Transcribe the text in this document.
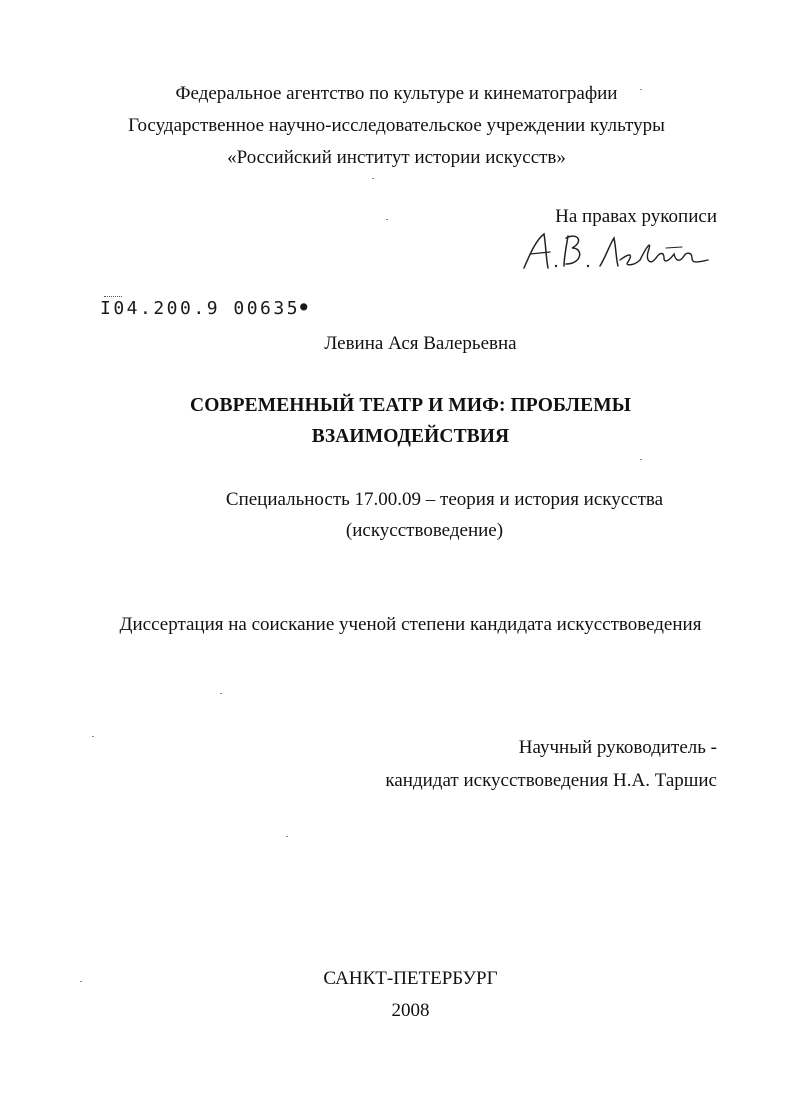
Федеральное агентство по культуре и кинематографии
Государственное научно-исследовательское учреждении культуры
«Российский институт истории искусств»
На правах рукописи
I04.200.9 00635●
Левина Ася Валерьевна
СОВРЕМЕННЫЙ ТЕАТР И МИФ: ПРОБЛЕМЫ
ВЗАИМОДЕЙСТВИЯ
Специальность 17.00.09 – теория и история искусства
(искусствоведение)
Диссертация на соискание ученой степени кандидата искусствоведения
Научный руководитель -
кандидат искусствоведения Н.А. Таршис
САНКТ-ПЕТЕРБУРГ
2008
